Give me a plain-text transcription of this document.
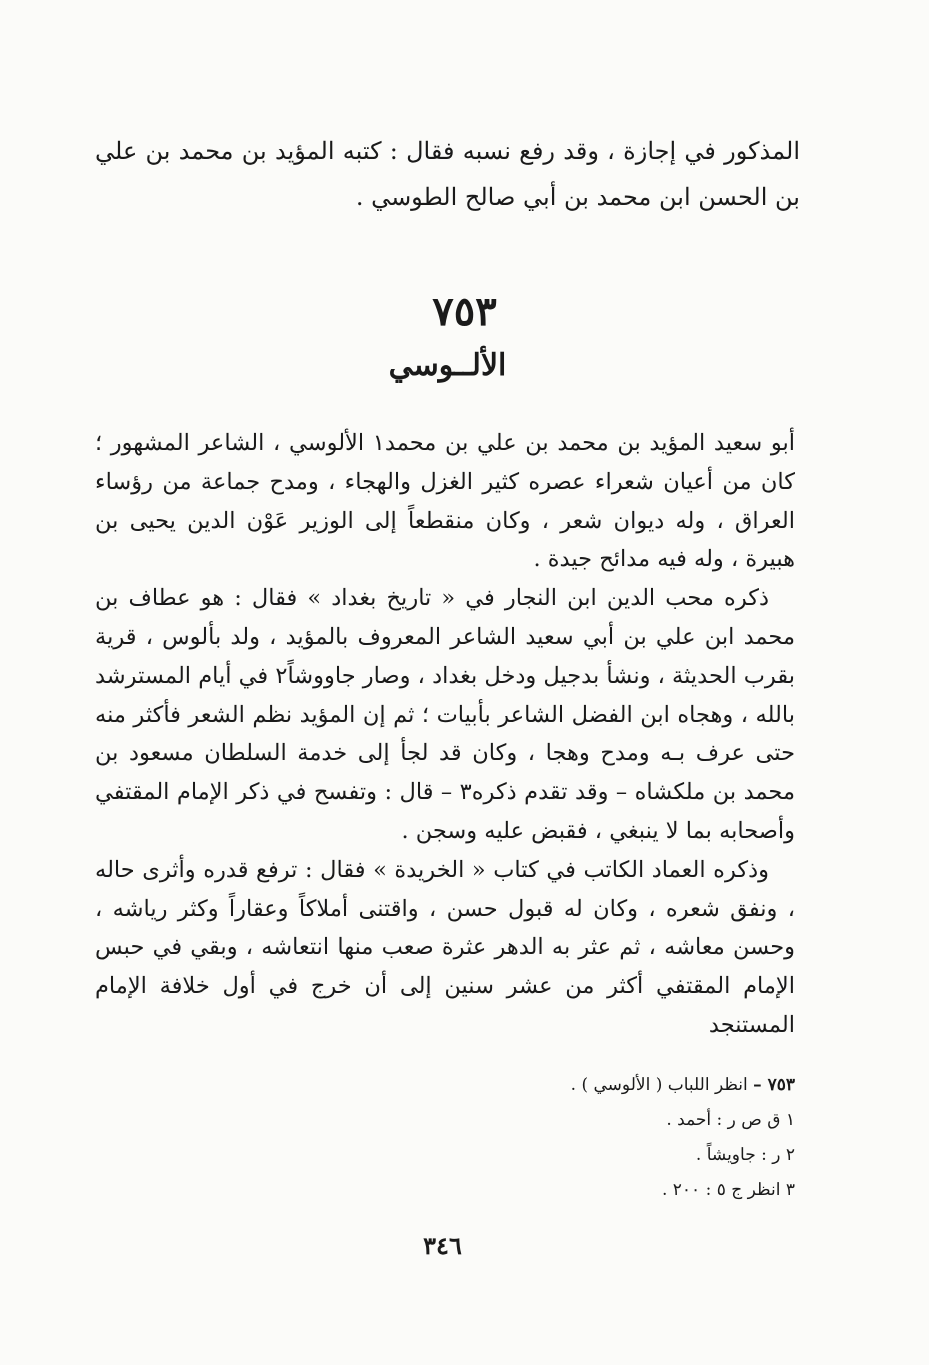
المذكور في إجازة ، وقد رفع نسبه فقال : كتبه المؤيد بن محمد بن علي بن الحسن ابن محمد بن أبي صالح الطوسي .
٧٥٣
الألــوسي

أبو سعيد المؤيد بن محمد بن علي بن محمد١ الألوسي ، الشاعر المشهور ؛ كان من أعيان شعراء عصره كثير الغزل والهجاء ، ومدح جماعة من رؤساء العراق ، وله ديوان شعر ، وكان منقطعاً إلى الوزير عَوْن الدين يحيى بن هبيرة ، وله فيه مدائح جيدة .

ذكره محب الدين ابن النجار في « تاريخ بغداد » فقال : هو عطاف بن محمد ابن علي بن أبي سعيد الشاعر المعروف بالمؤيد ، ولد بألوس ، قرية بقرب الحديثة ، ونشأ بدجيل ودخل بغداد ، وصار جاووشاً٢ في أيام المسترشد بالله ، وهجاه ابن الفضل الشاعر بأبيات ؛ ثم إن المؤيد نظم الشعر فأكثر منه حتى عرف بـه ومدح وهجا ، وكان قد لجأ إلى خدمة السلطان مسعود بن محمد بن ملكشاه – وقد تقدم ذكره٣ – قال : وتفسح في ذكر الإمام المقتفي وأصحابه بما لا ينبغي ، فقبض عليه وسجن .

وذكره العماد الكاتب في كتاب « الخريدة » فقال : ترفع قدره وأثرى حاله ، ونفق شعره ، وكان له قبول حسن ، واقتنى أملاكاً وعقاراً وكثر رياشه ، وحسن معاشه ، ثم عثر به الدهر عثرة صعب منها انتعاشه ، وبقي في حبس الإمام المقتفي أكثر من عشر سنين إلى أن خرج في أول خلافة الإمام المستنجد

٧٥٣ – انظر اللباب ( الألوسي ) .
١ ق ص ر : أحمد .
٢ ر : جاويشاً .
٣ انظر ج ٥ : ٢٠٠ .
٣٤٦
